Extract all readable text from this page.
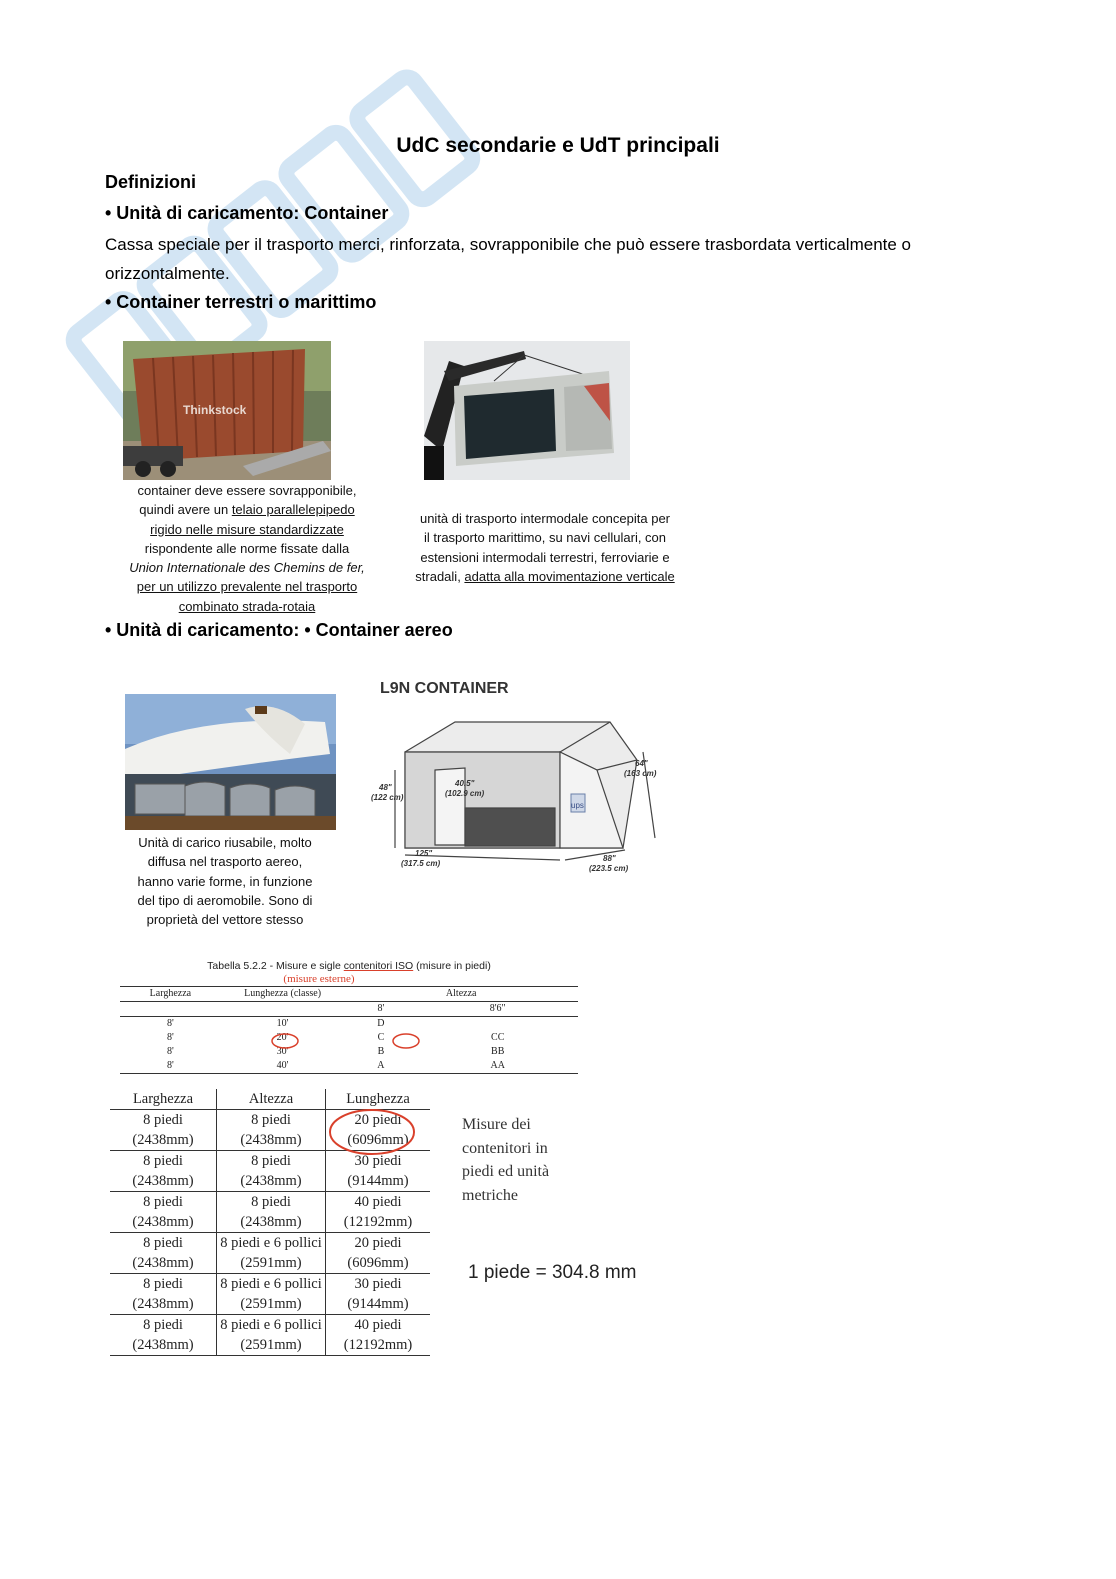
UdC secondarie e UdT principali
Definizioni
• Unità di caricamento: Container
Cassa speciale per il trasporto merci, rinforzata, sovrapponibile che può essere trasbordata verticalmente o
orizzontalmente.
• Container terrestri o marittimo
Thinkstock
container deve essere sovrapponibile,
quindi avere un telaio parallelepipedo
rigido nelle misure standardizzate
rispondente alle norme fissate dalla
Union Internationale des Chemins de fer,
per un utilizzo prevalente nel trasporto
combinato strada-rotaia
unità di trasporto intermodale concepita per
il trasporto marittimo, su navi cellulari, con
estensioni intermodali terrestri, ferroviarie e
stradali, adatta alla movimentazione verticale
• Unità di caricamento: • Container aereo
Unità di carico riusabile, molto
diffusa nel trasporto aereo,
hanno varie forme, in funzione
del tipo di aeromobile. Sono di
proprietà del vettore stesso
L9N CONTAINER
ups
48"
(122 cm)
40.5"
(102.9 cm)
64"
(163 cm)
125"
(317.5 cm)
88"
(223.5 cm)
Tabella 5.2.2 - Misure e sigle contenitori ISO (misure in piedi)
(misure esterne)
Larghezza	Lunghezza (classe)	Altezza	
		8'	8'6"
8'	10'	D	
8'	20'	C	CC
8'	30'	B	BB
8'	40'	A	AA
Larghezza	Altezza	Lunghezza
8 piedi	8 piedi	20 piedi
(2438mm)	(2438mm)	(6096mm)
8 piedi	8 piedi	30 piedi
(2438mm)	(2438mm)	(9144mm)
8 piedi	8 piedi	40 piedi
(2438mm)	(2438mm)	(12192mm)
8 piedi	8 piedi e 6 pollici	20 piedi
(2438mm)	(2591mm)	(6096mm)
8 piedi	8 piedi e 6 pollici	30 piedi
(2438mm)	(2591mm)	(9144mm)
8 piedi	8 piedi e 6 pollici	40 piedi
(2438mm)	(2591mm)	(12192mm)
Misure dei
contenitori in
piedi ed unità
metriche
1 piede = 304.8 mm
